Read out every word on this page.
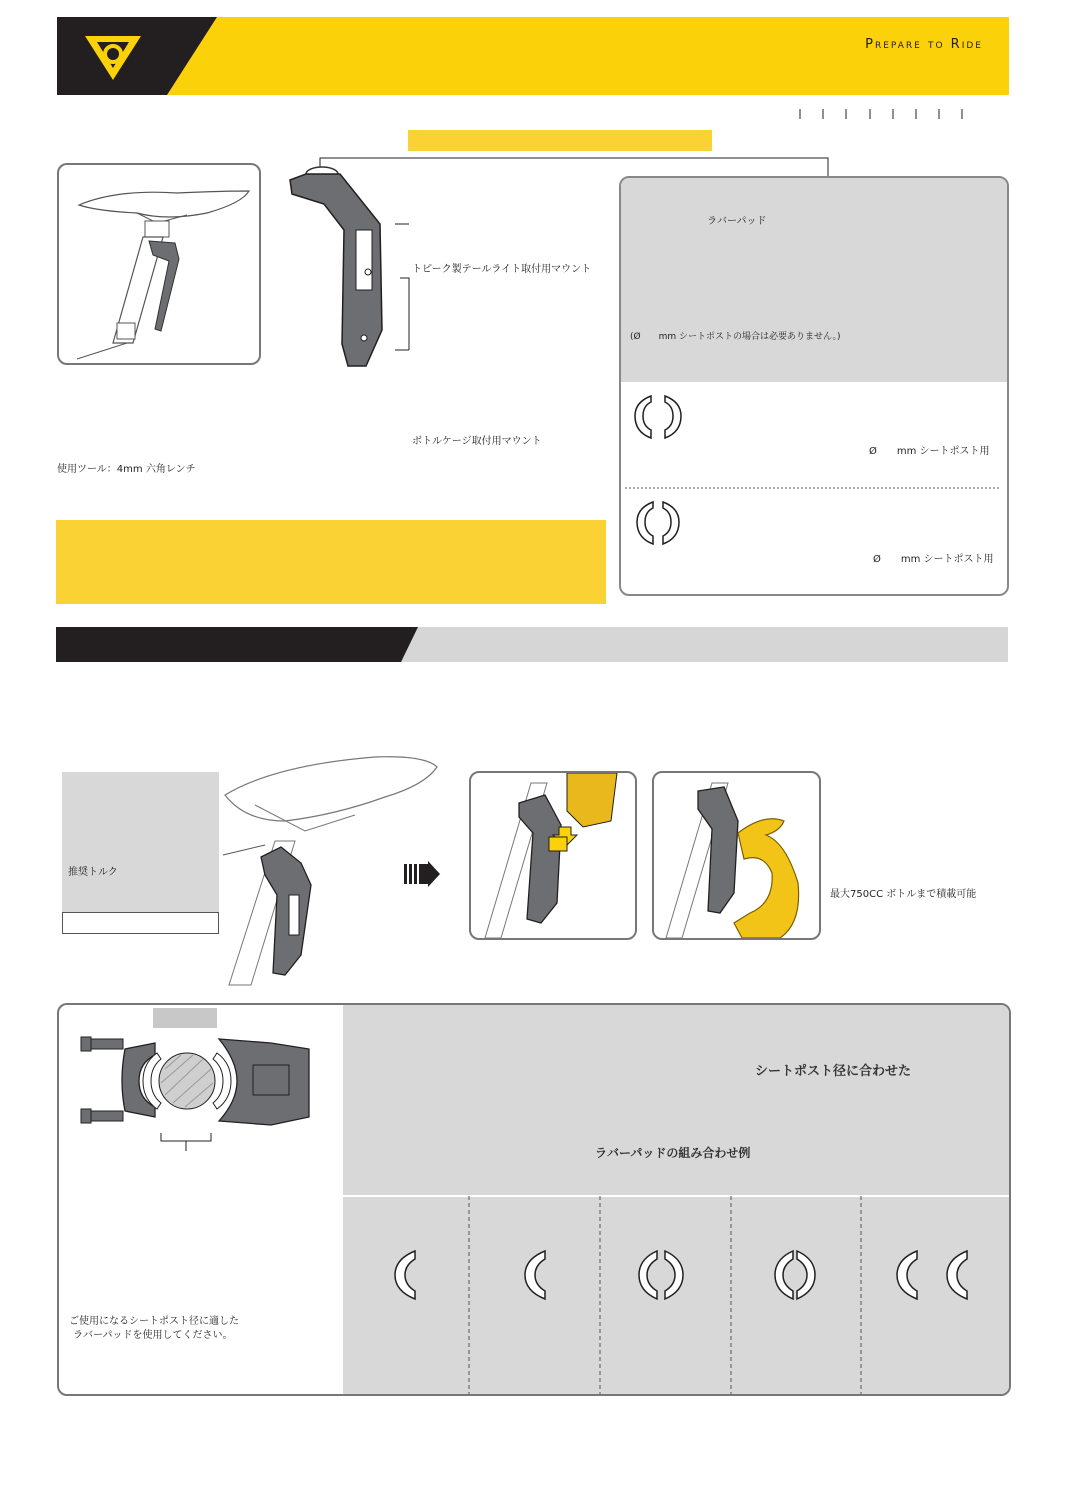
Prepare to Ride
トピーク製テールライト取付用マウント
ボトルケージ取付用マウント
使用ツール：4mm 六角レンチ
ラバーパッド
(Ø　　mm シートポストの場合は必要ありません。)
Ø　　mm シートポスト用
Ø　　mm シートポスト用
推奨トルク
最大750CC ボトルまで積載可能
シートポスト径に合わせた
ラバーパッドの組み合わせ例
ご使用になるシートポスト径に適した
ラバーパッドを使用してください。
